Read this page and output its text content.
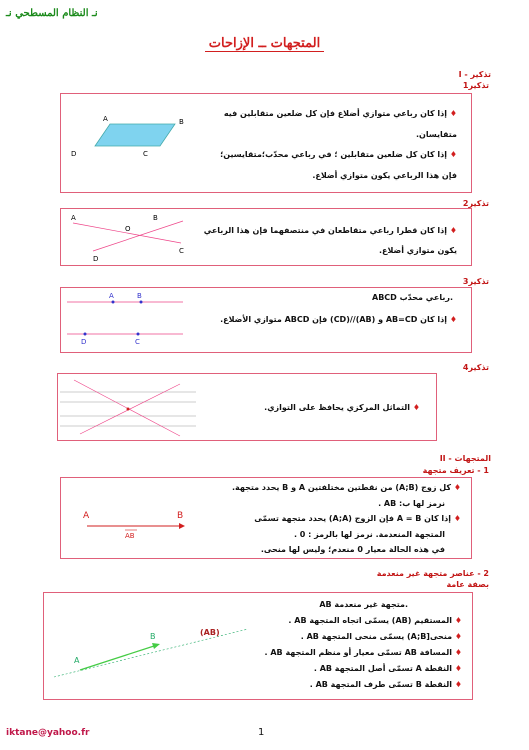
نـ النظام المسطحي نـ
المتجهات ــ الإزاحات
I - تذكير
تذكير1
A	B
C
D
♦ إذا كان رباعي متوازي أضلاع فإن كل ضلعين متقابلين فيه
متقايسان.
♦ إذا كان كل ضلعين متقابلين ؛ في رباعي محدّب؛متقايسين؛
فإن هذا الرباعي يكون متوازي أضلاع.
تذكير2
A	B
C
D
O	♦ إذا كان قطرا رباعي متقاطعان في منتصفهما فإن هذا الرباعي
يكون متوازي أضلاع.
تذكير3
A	B
C
D
ABCD رباعي محدّب.
♦ إذا كان AB=CD و (AB)//(CD) فإن ABCD متوازي الأضلاع.
تذكير4
♦ التماثل المركزي يحافظ على التوازي.
II - المتجهات
1 - تعريف متجهة
A	B
AB
♦ كل زوج (A;B) من نقطتين مختلفتين A و B يحدد متجهة.
نرمز لها ب: AB .
♦ إذا كان A = B فإن الزوج (A;A) يحدد متجهة تسمّى
المتجهة المنعدمة. نرمز لها بالرمز : 0 .
في هذه الحالة معيار 0 منعدم؛ وليس لها منحى.
2 - عناصر متجهة غير منعدمة
بصفة عامة
A
B	(AB)
AB متجهة غير منعدمة.
♦ المستقيم (AB) يسمّى اتجاه المتجهة AB .
♦ منحى[A;B) يسمّى منحى المتجهة AB .
♦ المسافة AB تسمّى معيار أو منظم المتجهة AB .
♦ النقطة A تسمّى أصل المتجهة AB .
♦ النقطة B تسمّى طرف المتجهة AB .
iktane@yahoo.fr	1
